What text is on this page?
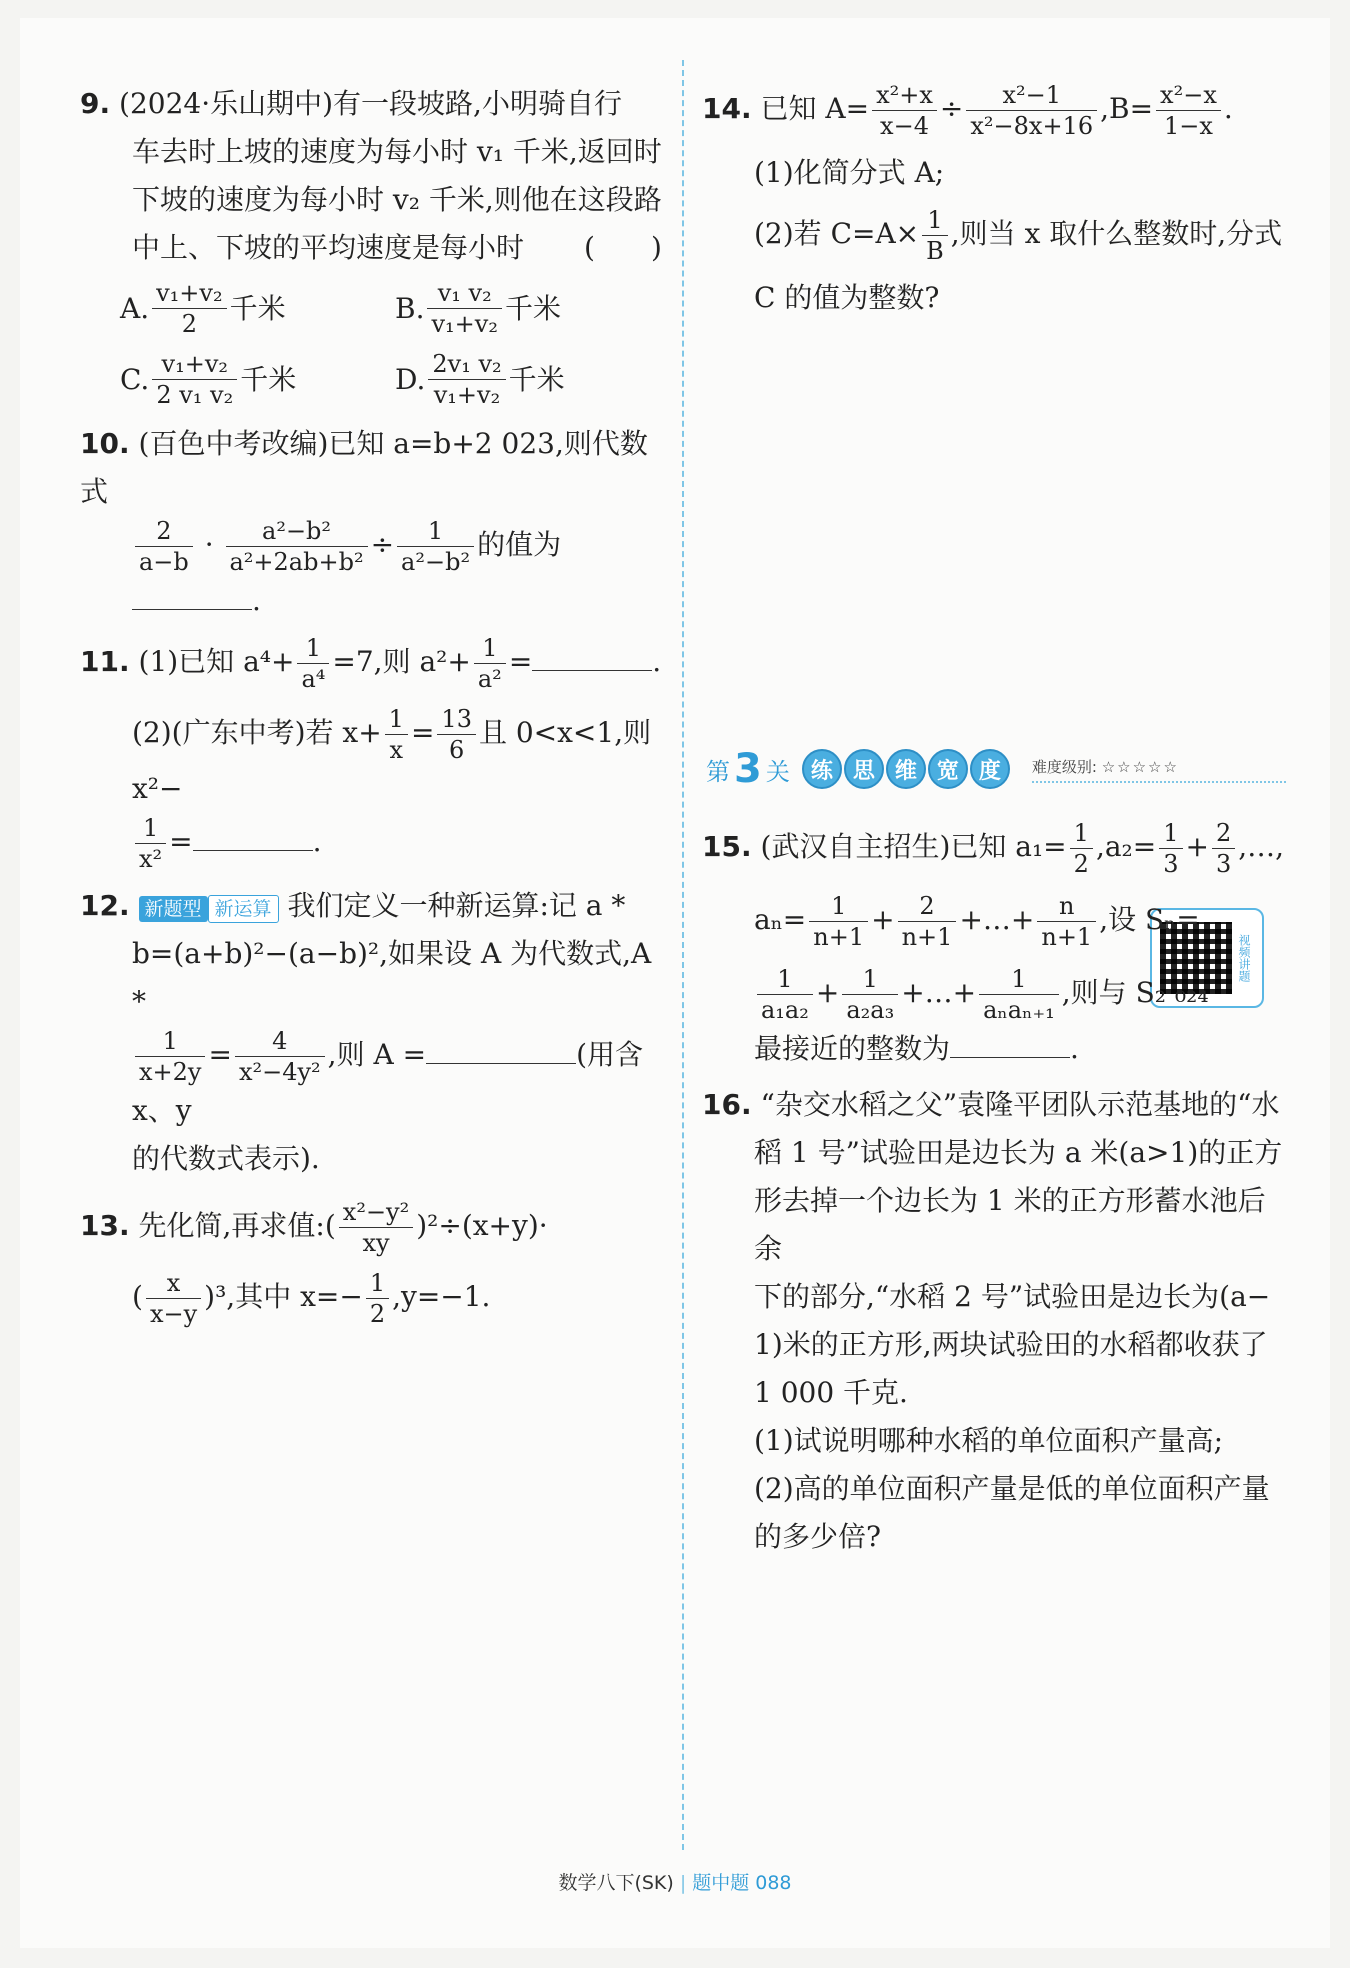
9. (2024·乐山期中)有一段坡路,小明骑自行
车去时上坡的速度为每小时 v₁ 千米,返回时
下坡的速度为每小时 v₂ 千米,则他在这段路
中上、下坡的平均速度是每小时 (　　)
A. $\frac{\text{v₁+v₂}}{2}$ 千米	B. $\frac{\text{v₁ v₂}}{\text{v₁+v₂}}$ 千米
C. $\frac{\text{v₁+v₂}}{\text{2 v₁ v₂}}$ 千米	D. $\frac{\text{2v₁ v₂}}{\text{v₁+v₂}}$ 千米
10. (百色中考改编)已知 a=b+2 023,则代数式
$\frac{2}{a-b} \cdot \frac{\text{a²−b²}}{\text{a²+2ab+b²}} \div \frac{1}{\text{a²−b²}}$ 的值为.
11. (1)已知 $a^4+ \frac{1}{\text{a⁴}} =7$,则 $a^2+ \frac{1}{\text{a²}}$ =	.
(2)(广东中考)若 $x+ \frac{1}{x} = \frac{13}{6}$ 且 0<x<1,则 x²−
$\frac{1}{\text{x²}}$ =	.
12. 新题型 新运算 我们定义一种新运算:记 a *
b=(a+b)²−(a−b)²,如果设 A 为代数式,A *
$\frac{1}{x+2y} = \frac{4}{\text{x²−4y²}}$ ,则 A =	(用含 x、y
的代数式表示).
13. 先化简,再求值:( $\frac{\text{x²−y²}}{xy} )^2\div(x+y)\cdot$
( $\frac{x}{x-y} )^3$,其中 $x=- \frac{1}{2} ,y=-1$.
14. 已知 $A= \frac{\text{x²+x}}{x-4} \div \frac{\text{x²−1}}{\text{x²−8x+16}} ,B= \frac{\text{x²−x}}{1-x}$ .
(1)化简分式 A;
(2)若 $C=A\times \frac{1}{B}$ ,则当 x 取什么整数时,分式
C 的值为整数?
第 3 关 练 思 维 宽 度	难度级别: ☆☆☆☆☆
视频讲题
15. (武汉自主招生)已知 $a_1= \frac{1}{2} ,a_2= \frac{1}{3} + \frac{2}{3}$ ,…,
$a_n= \frac{1}{n+1} + \frac{2}{n+1}$ +…+ $\frac{n}{n+1}$ ,设 Sₙ=
$\frac{1}{\text{a₁a₂}} + \frac{1}{\text{a₂a₃}}$ +…+ $\frac{1}{\text{aₙaₙ₊₁}}$ ,则与 S₂ ₀₂₄
最接近的整数为	.
16. “杂交水稻之父”袁隆平团队示范基地的“水
稻 1 号”试验田是边长为 a 米(a>1)的正方
形去掉一个边长为 1 米的正方形蓄水池后余
下的部分,“水稻 2 号”试验田是边长为(a−
1)米的正方形,两块试验田的水稻都收获了
1 000 千克.
(1)试说明哪种水稻的单位面积产量高;
(2)高的单位面积产量是低的单位面积产量
的多少倍?
数学八下(SK) | 题中题 088
